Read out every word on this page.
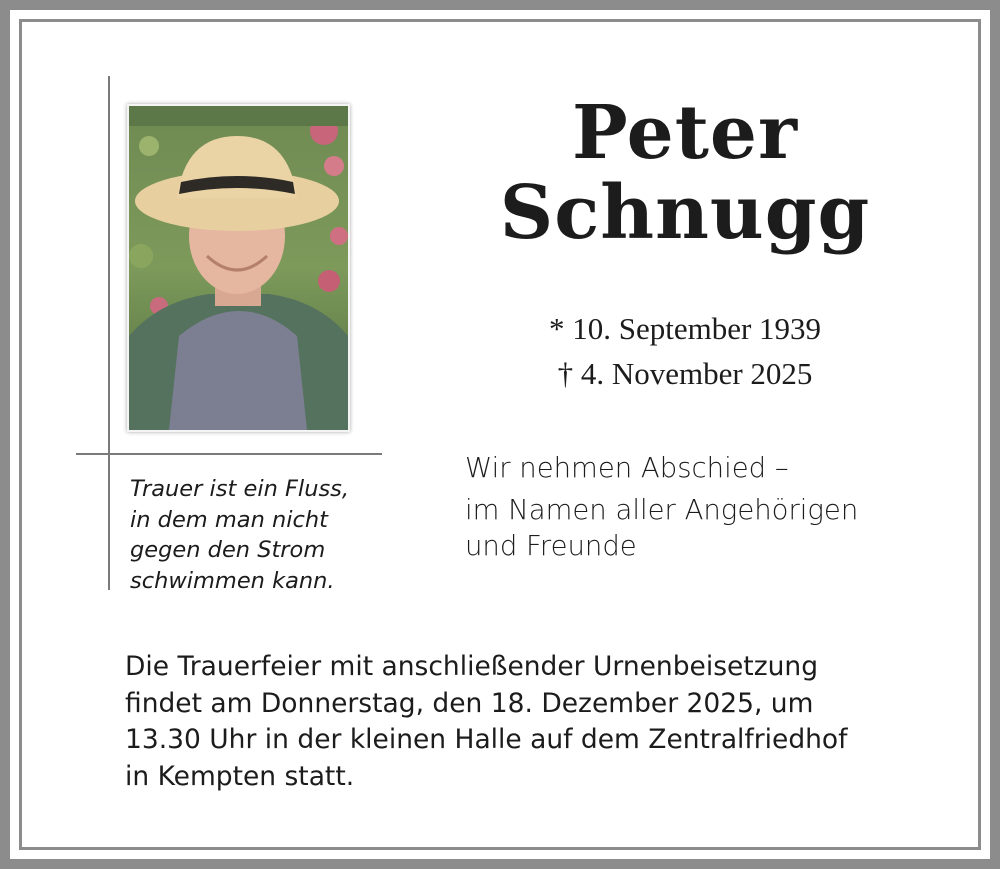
Peter
Schnugg
* 10. September 1939
† 4. November 2025
Wir nehmen Abschied –
im Namen aller Angehörigen
und Freunde
Trauer ist ein Fluss,
in dem man nicht
gegen den Strom
schwimmen kann.
Die Trauerfeier mit anschließender Urnenbeisetzung
findet am Donnerstag, den 18. Dezember 2025, um
13.30 Uhr in der kleinen Halle auf dem Zentralfriedhof
in Kempten statt.
